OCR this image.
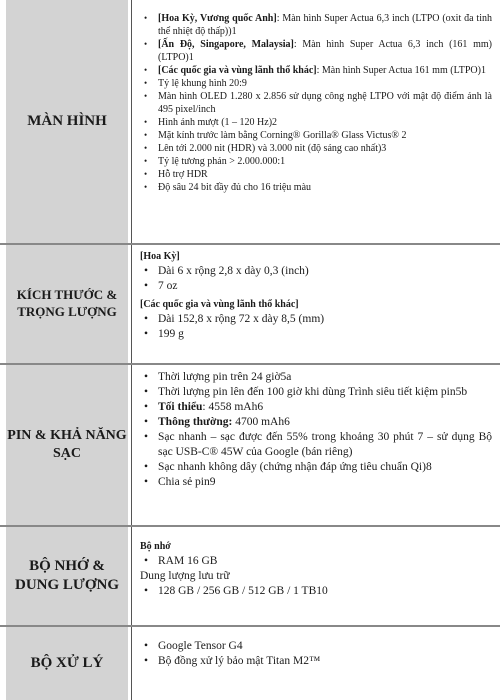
MÀN HÌNH
• [Hoa Kỳ, Vương quốc Anh]: Màn hình Super Actua 6,3 inch (LTPO (oxit đa tinh thể nhiệt độ thấp))1
• [Ấn Độ, Singapore, Malaysia]: Màn hình Super Actua 6,3 inch (161 mm) (LTPO)1
• [Các quốc gia và vùng lãnh thổ khác]: Màn hình Super Actua 161 mm (LTPO)1
• Tỷ lệ khung hình 20:9
• Màn hình OLED 1.280 x 2.856 sử dụng công nghệ LTPO với mật độ điểm ảnh là 495 pixel/inch
• Hình ảnh mượt (1 – 120 Hz)2
• Mặt kính trước làm bằng Corning® Gorilla® Glass Victus® 2
• Lên tới 2.000 nit (HDR) và 3.000 nit (độ sáng cao nhất)3
• Tỷ lệ tương phản > 2.000.000:1
• Hỗ trợ HDR
• Độ sâu 24 bit đầy đủ cho 16 triệu màu
KÍCH THƯỚC & TRỌNG LƯỢNG
[Hoa Kỳ]
• Dài 6 x rộng 2,8 x dày 0,3 (inch)
• 7 oz
[Các quốc gia và vùng lãnh thổ khác]
• Dài 152,8 x rộng 72 x dày 8,5 (mm)
• 199 g
PIN & KHẢ NĂNG SẠC
• Thời lượng pin trên 24 giờ5a
• Thời lượng pin lên đến 100 giờ khi dùng Trình siêu tiết kiệm pin5b
• Tối thiểu: 4558 mAh6
• Thông thường: 4700 mAh6
• Sạc nhanh – sạc được đến 55% trong khoảng 30 phút 7 – sử dụng Bộ sạc USB-C® 45W của Google (bán riêng)
• Sạc nhanh không dây (chứng nhận đáp ứng tiêu chuẩn Qi)8
• Chia sẻ pin9
BỘ NHỚ & DUNG LƯỢNG
Bộ nhớ
• RAM 16 GB
Dung lượng lưu trữ
• 128 GB / 256 GB / 512 GB / 1 TB10
BỘ XỬ LÝ
• Google Tensor G4
• Bộ đồng xử lý bảo mật Titan M2™
